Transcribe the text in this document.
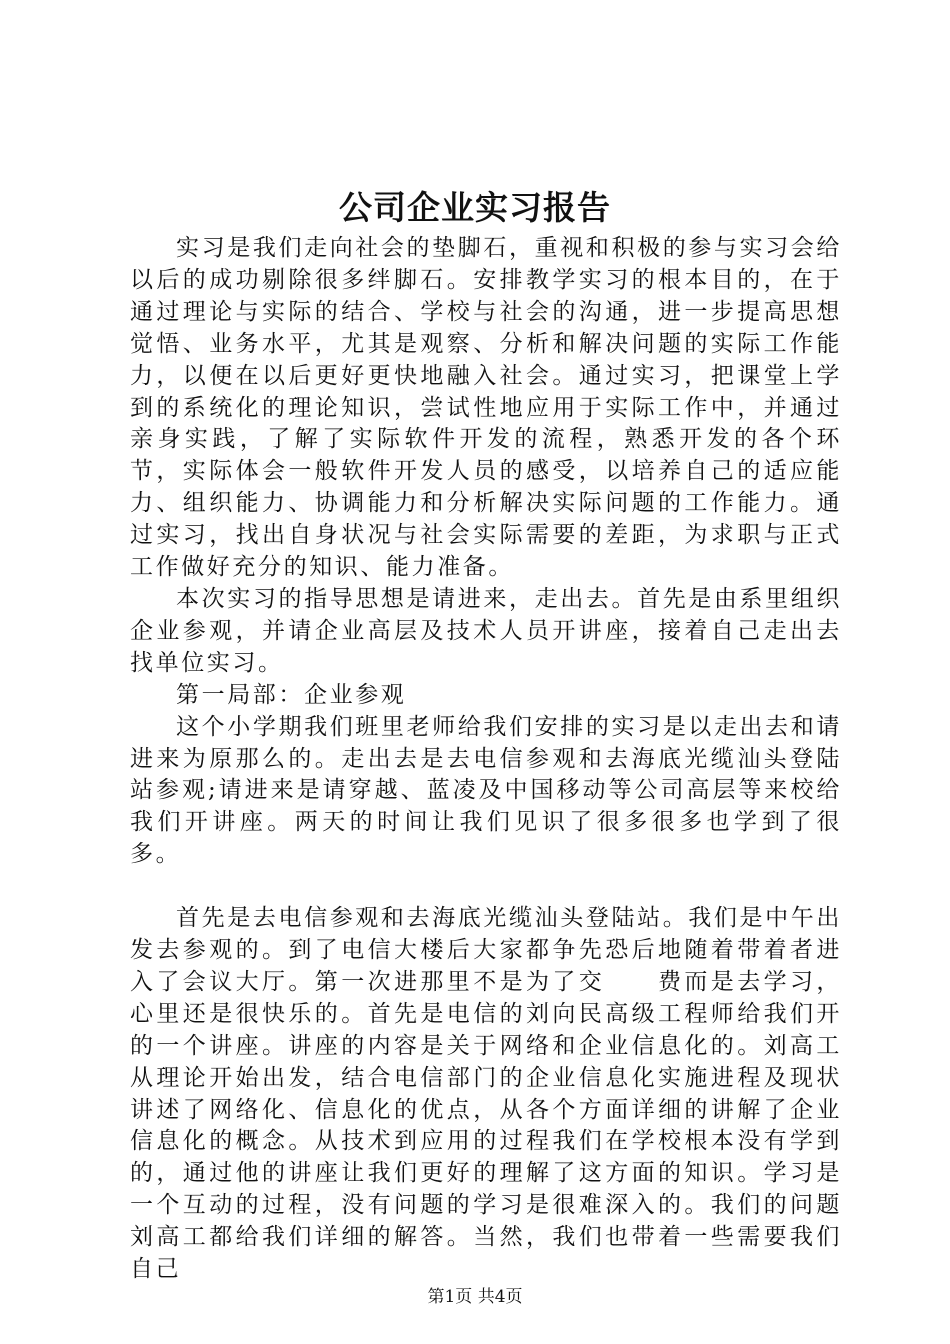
公司企业实习报告

实习是我们走向社会的垫脚石，重视和积极的参与实习会给以后的成功剔除很多绊脚石。安排教学实习的根本目的，在于通过理论与实际的结合、学校与社会的沟通，进一步提高思想觉悟、业务水平，尤其是观察、分析和解决问题的实际工作能力，以便在以后更好更快地融入社会。通过实习，把课堂上学到的系统化的理论知识，尝试性地应用于实际工作中，并通过亲身实践，了解了实际软件开发的流程，熟悉开发的各个环节，实际体会一般软件开发人员的感受，以培养自己的适应能力、组织能力、协调能力和分析解决实际问题的工作能力。通过实习，找出自身状况与社会实际需要的差距，为求职与正式工作做好充分的知识、能力准备。

本次实习的指导思想是请进来，走出去。首先是由系里组织企业参观，并请企业高层及技术人员开讲座，接着自己走出去找单位实习。

第一局部：企业参观

这个小学期我们班里老师给我们安排的实习是以走出去和请进来为原那么的。走出去是去电信参观和去海底光缆汕头登陆站参观;请进来是请穿越、蓝凌及中国移动等公司高层等来校给我们开讲座。两天的时间让我们见识了很多很多也学到了很多。

首先是去电信参观和去海底光缆汕头登陆站。我们是中午出发去参观的。到了电信大楼后大家都争先恐后地随着带着者进入了会议大厅。第一次进那里不是为了交　　费而是去学习，心里还是很快乐的。首先是电信的刘向民高级工程师给我们开的一个讲座。讲座的内容是关于网络和企业信息化的。刘高工从理论开始出发，结合电信部门的企业信息化实施进程及现状讲述了网络化、信息化的优点，从各个方面详细的讲解了企业信息化的概念。从技术到应用的过程我们在学校根本没有学到的，通过他的讲座让我们更好的理解了这方面的知识。学习是一个互动的过程，没有问题的学习是很难深入的。我们的问题刘高工都给我们详细的解答。当然，我们也带着一些需要我们自己

第1页 共4页
